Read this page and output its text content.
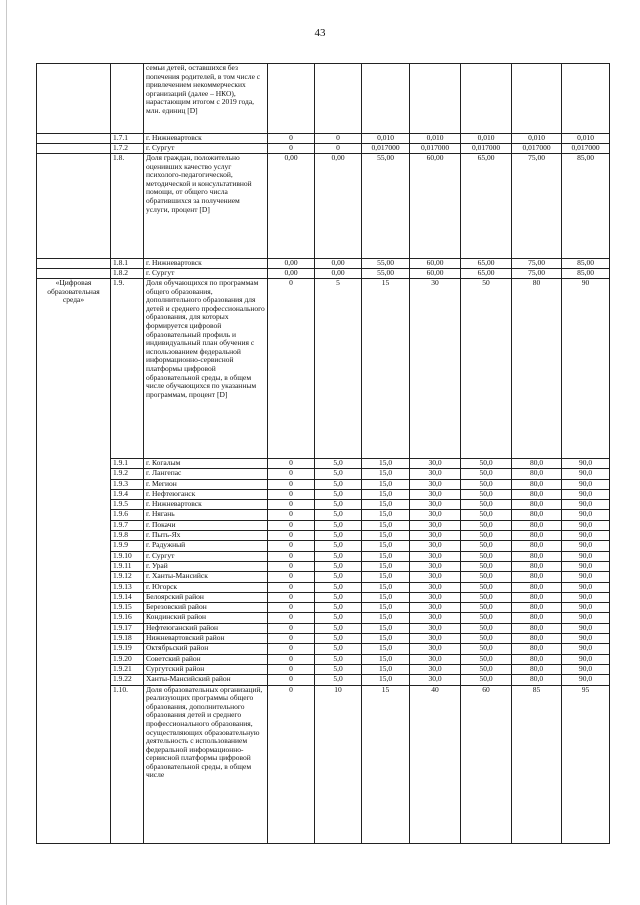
43
		семьи детей, оставшихся без попечения родителей, в том числе с привлечением некоммерческих организаций (далее – НКО), нарастающим итогом с 2019 года, млн. единиц [D]							
	1.7.1	г. Нижневартовск	0	0	0,010	0,010	0,010	0,010	0,010
	1.7.2	г. Сургут	0	0	0,017000	0,017000	0,017000	0,017000	0,017000
	1.8.	Доля граждан, положительно оценивших качество услуг психолого-педагогической, методической и консультативной помощи, от общего числа обратившихся за получением услуги, процент [D]	0,00	0,00	55,00	60,00	65,00	75,00	85,00
	1.8.1	г. Нижневартовск	0,00	0,00	55,00	60,00	65,00	75,00	85,00
	1.8.2	г. Сургут	0,00	0,00	55,00	60,00	65,00	75,00	85,00
«Цифровая образовательная среда»	1.9.	Доля обучающихся по программам общего образования, дополнительного образования для детей и среднего профессионального образования, для которых формируется цифровой образовательный профиль и индивидуальный план обучения с использованием федеральной информационно-сервисной платформы цифровой образовательной среды, в общем числе обучающихся по указанным программам, процент [D]	0	5	15	30	50	80	90
	1.9.1	г. Когалым	0	5,0	15,0	30,0	50,0	80,0	90,0
	1.9.2	г. Лангепас	0	5,0	15,0	30,0	50,0	80,0	90,0
	1.9.3	г. Мегион	0	5,0	15,0	30,0	50,0	80,0	90,0
	1.9.4	г. Нефтеюганск	0	5,0	15,0	30,0	50,0	80,0	90,0
	1.9.5	г. Нижневартовск	0	5,0	15,0	30,0	50,0	80,0	90,0
	1.9.6	г. Нягань	0	5,0	15,0	30,0	50,0	80,0	90,0
	1.9.7	г. Покачи	0	5,0	15,0	30,0	50,0	80,0	90,0
	1.9.8	г. Пыть-Ях	0	5,0	15,0	30,0	50,0	80,0	90,0
	1.9.9	г. Радужный	0	5,0	15,0	30,0	50,0	80,0	90,0
	1.9.10	г. Сургут	0	5,0	15,0	30,0	50,0	80,0	90,0
	1.9.11	г. Урай	0	5,0	15,0	30,0	50,0	80,0	90,0
	1.9.12	г. Ханты-Мансийск	0	5,0	15,0	30,0	50,0	80,0	90,0
	1.9.13	г. Югорск	0	5,0	15,0	30,0	50,0	80,0	90,0
	1.9.14	Белоярский район	0	5,0	15,0	30,0	50,0	80,0	90,0
	1.9.15	Березовский район	0	5,0	15,0	30,0	50,0	80,0	90,0
	1.9.16	Кондинский район	0	5,0	15,0	30,0	50,0	80,0	90,0
	1.9.17	Нефтеюганский район	0	5,0	15,0	30,0	50,0	80,0	90,0
	1.9.18	Нижневартовский район	0	5,0	15,0	30,0	50,0	80,0	90,0
	1.9.19	Октябрьский район	0	5,0	15,0	30,0	50,0	80,0	90,0
	1.9.20	Советский район	0	5,0	15,0	30,0	50,0	80,0	90,0
	1.9.21	Сургутский район	0	5,0	15,0	30,0	50,0	80,0	90,0
	1.9.22	Ханты-Мансийский район	0	5,0	15,0	30,0	50,0	80,0	90,0
	1.10.	Доля образовательных организаций, реализующих программы общего образования, дополнительного образования детей и среднего профессионального образования, осуществляющих образовательную деятельность с использованием федеральной информационно-сервисной платформы цифровой образовательной среды, в общем числе	0	10	15	40	60	85	95
